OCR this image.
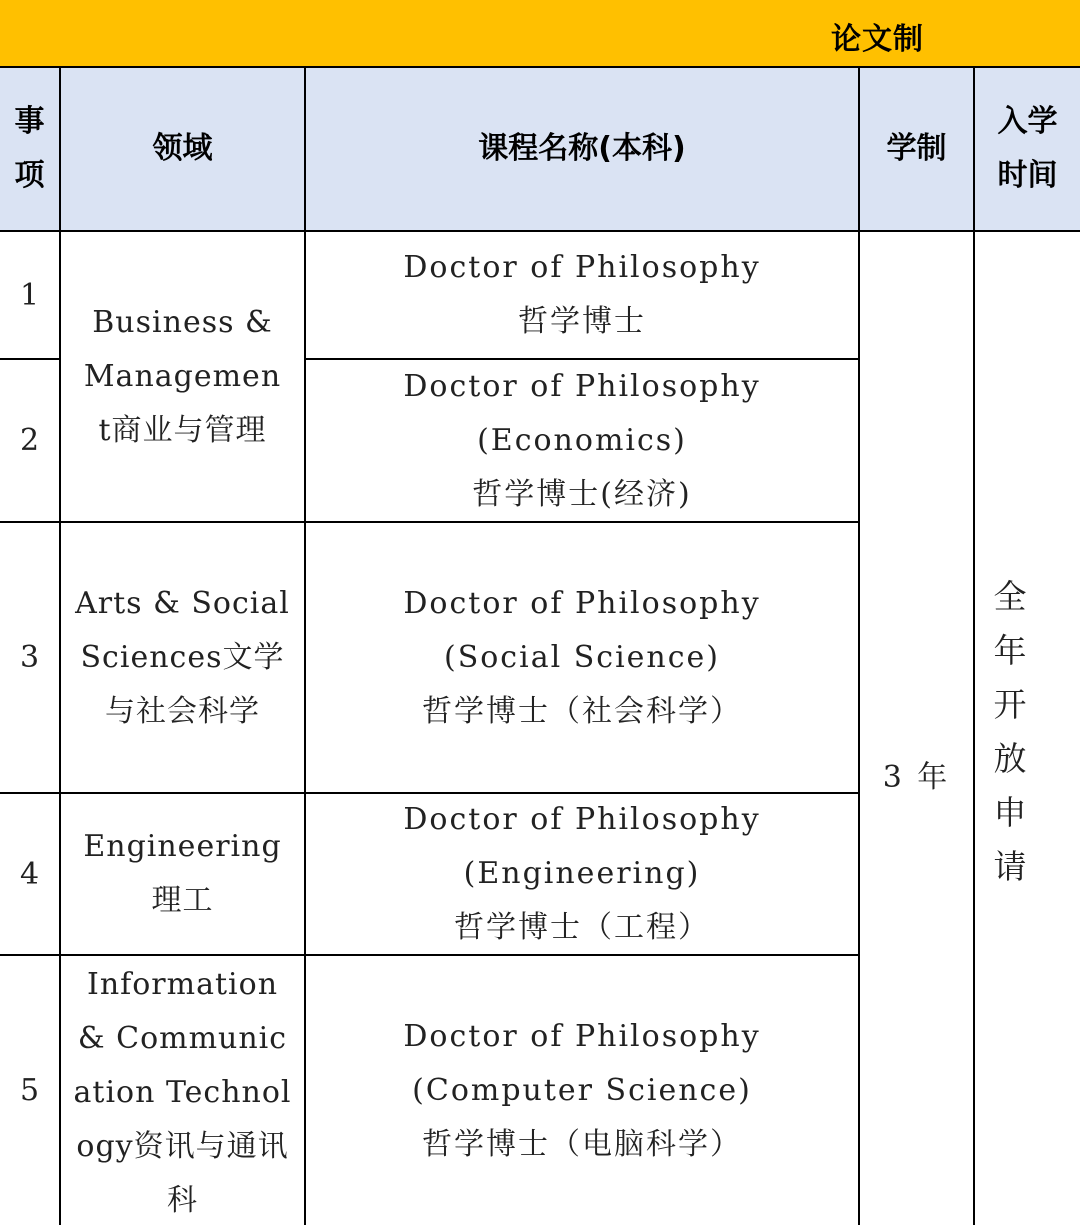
论文制
事项
领域	课程名称(本科)	学制
入学时间
1
Doctor of Philosophy
哲学博士
Business & Management商业与管理
2
Doctor of Philosophy
(Economics)
哲学博士(经济)
3
Arts & Social Sciences文学与社会科学
Doctor of Philosophy
(Social Science)
哲学博士（社会科学）
4
Engineering理工
Doctor of Philosophy
(Engineering)
哲学博士（工程）
5
Information & Communication Technology资讯与通讯科
Doctor of Philosophy
(Computer Science)
哲学博士（电脑科学）
3 年
全年开放申请
